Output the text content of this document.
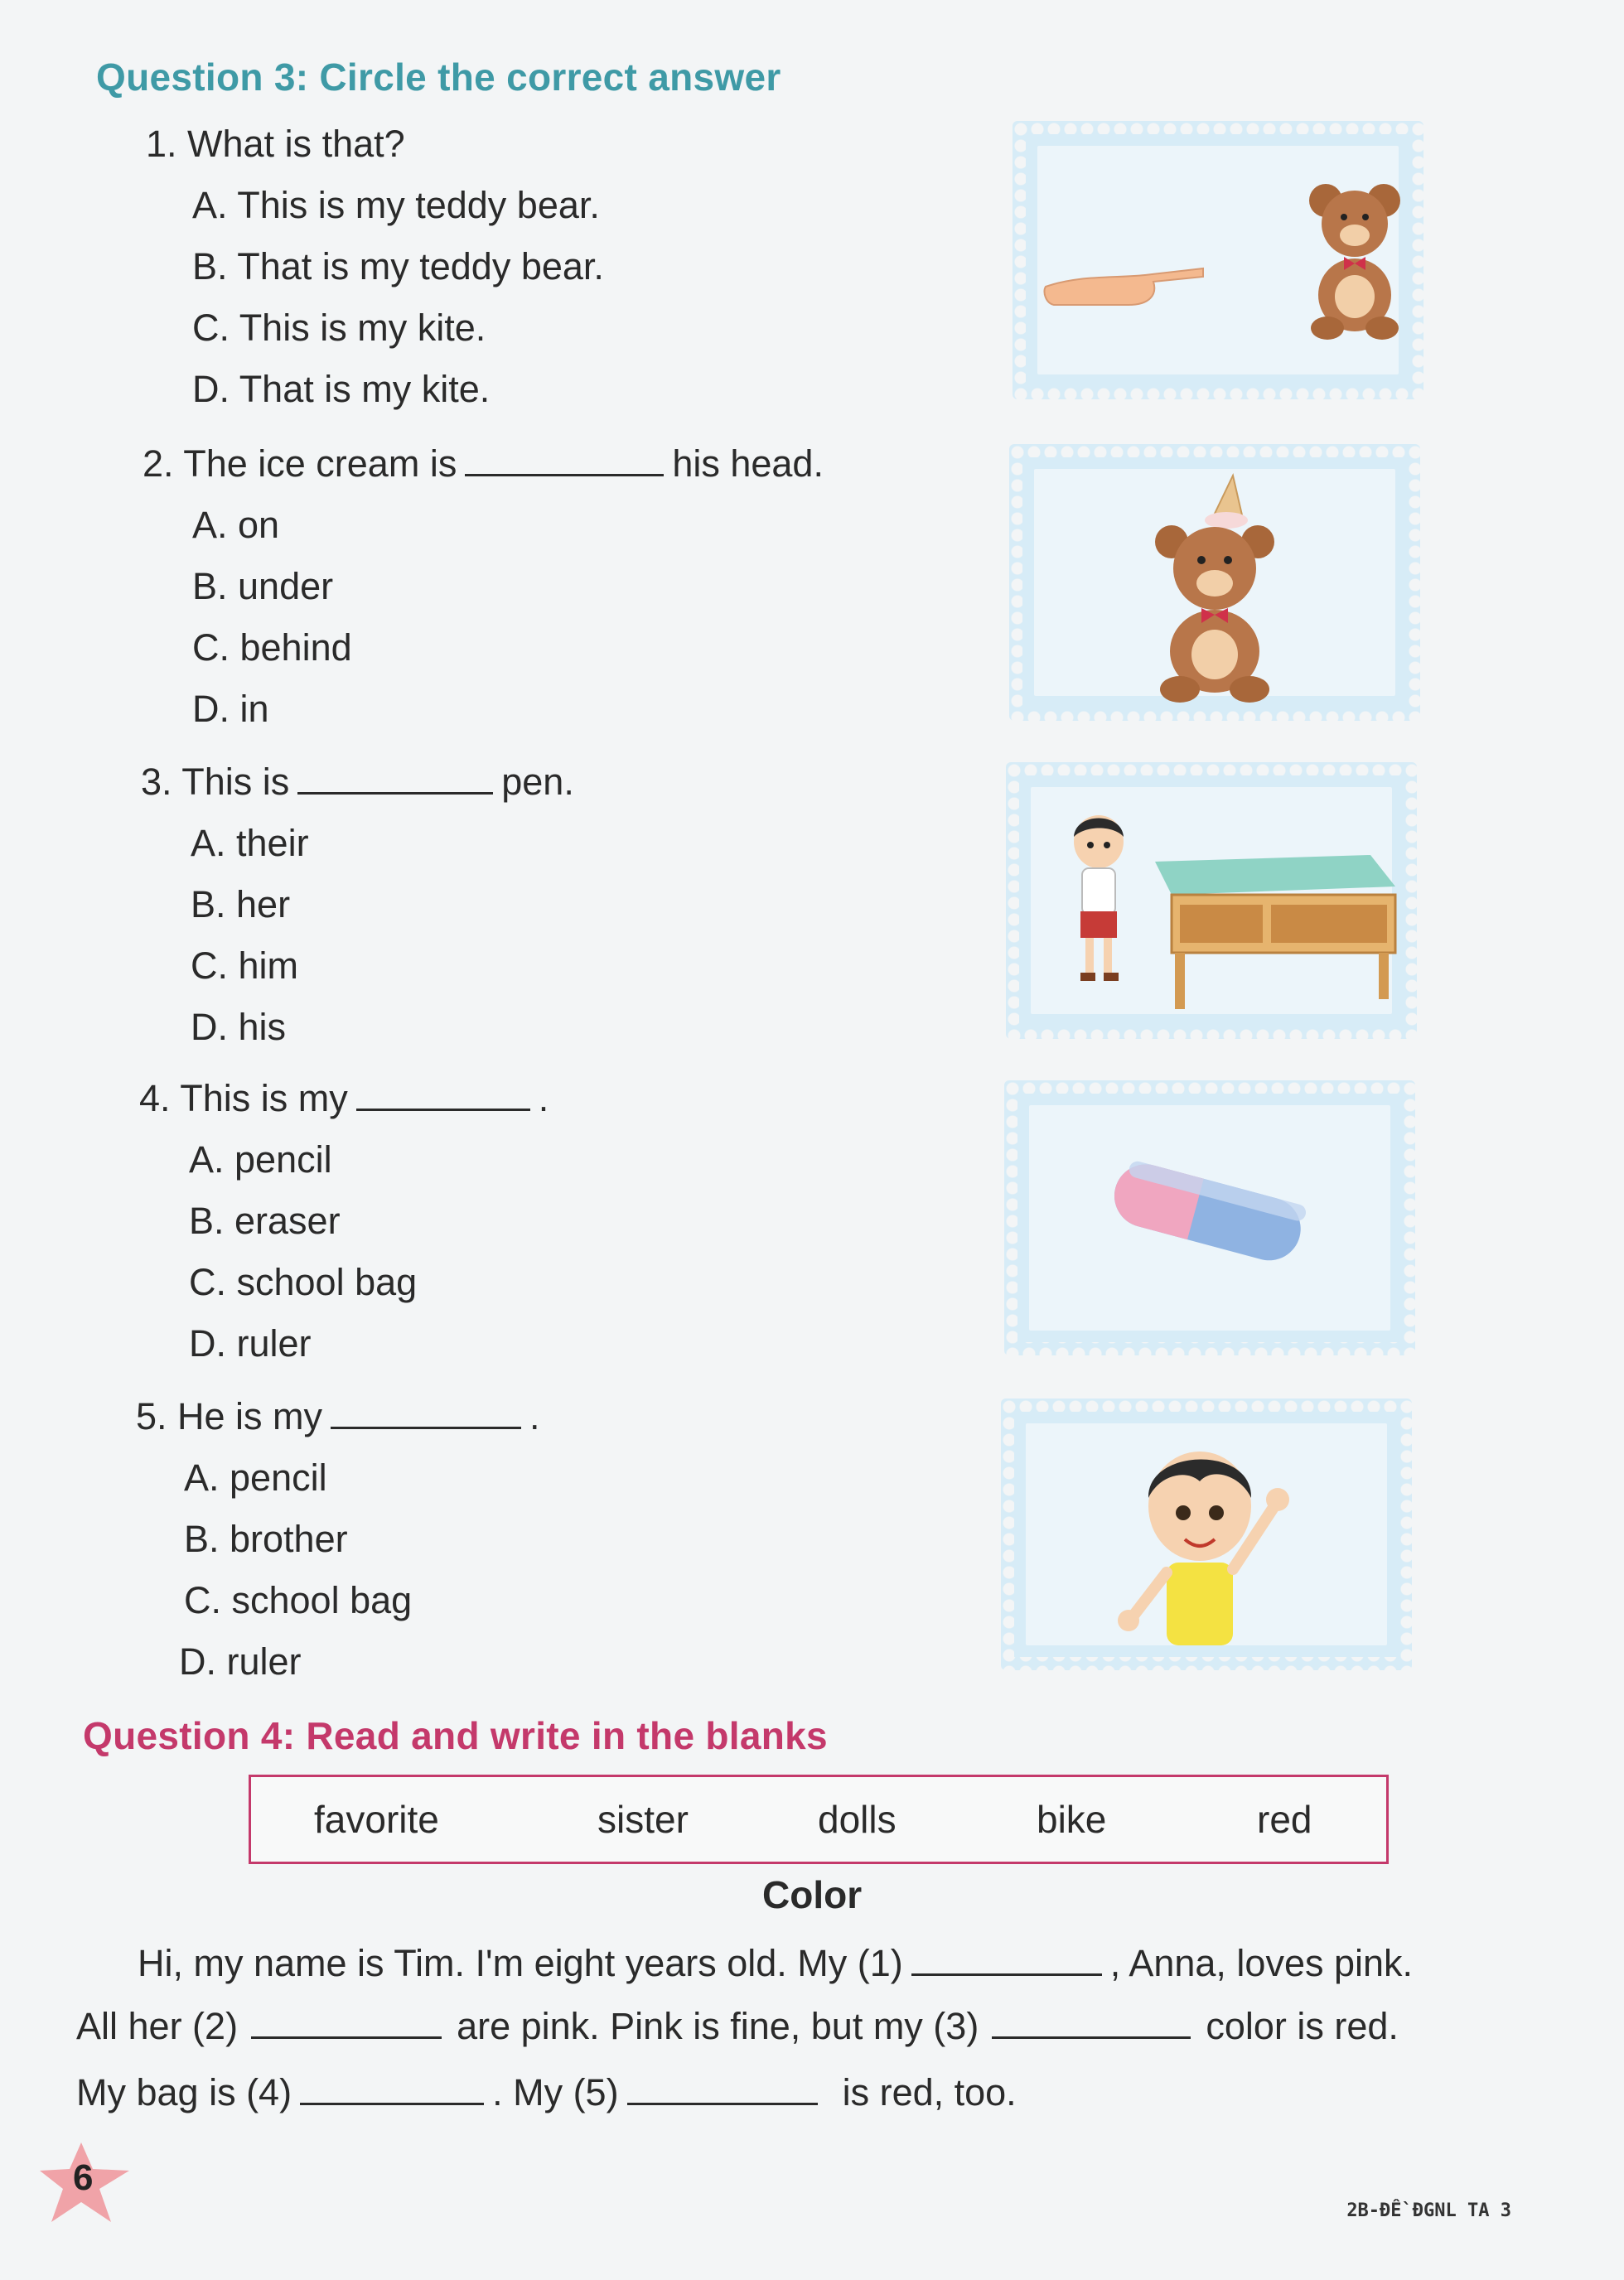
Question 3: Circle the correct answer
1. What is that?
A. This is my teddy bear.
B. That is my teddy bear.
C. This is my kite.
D. That is my kite.
2. The ice cream is	his head.
A. on
B. under
C. behind
D. in
3. This is	pen.
A. their
B. her
C. him
D. his
4. This is my	.
A. pencil
B. eraser
C. school bag
D. ruler
5. He is my	.
A. pencil
B. brother
C. school bag
D. ruler
Question 4: Read and write in the blanks
favorite	sister	dolls	bike	red
Color
Hi, my name is Tim. I'm eight years old. My (1)	, Anna, loves pink.
All her (2)	are pink. Pink is fine, but my (3)	color is red.
My bag is (4)	. My (5)	is red, too.
6
2B-ĐỀ ĐGNL TA 3
